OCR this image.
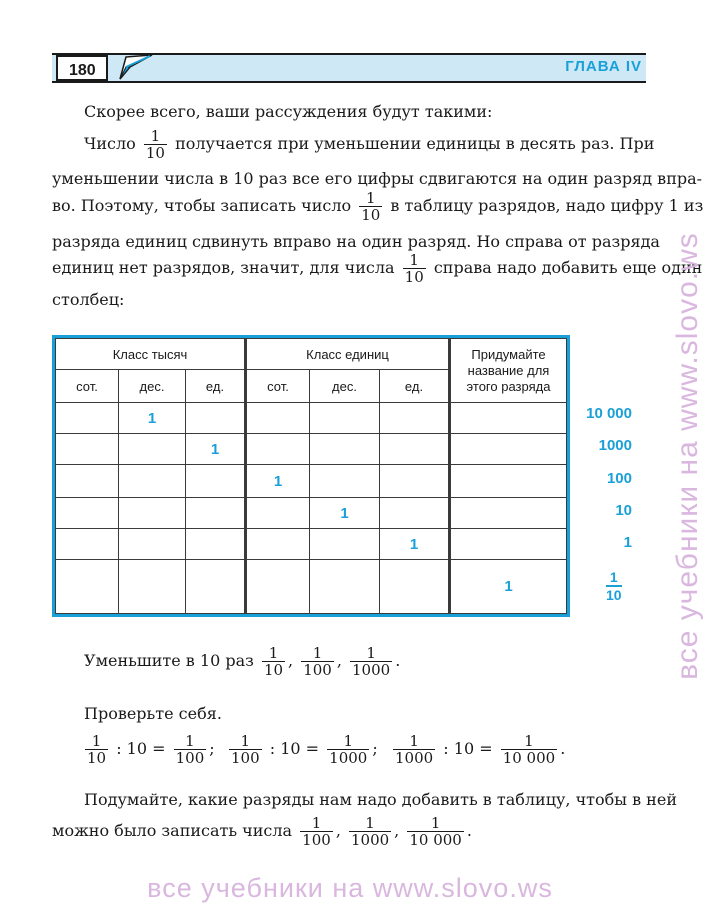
180	ГЛАВА IV
Скорее всего, ваши рассуждения будут такими:
Число $\frac{1}{10}$ получается при уменьшении единицы в десять раз. При
уменьшении числа в 10 раз все его цифры сдвигаются на один разряд впра-
во. Поэтому, чтобы записать число $\frac{1}{10}$ в таблицу разрядов, надо цифру 1 из
разряда единиц сдвинуть вправо на один разряд. Но справа от разряда
единиц нет разрядов, значит, для числа $\frac{1}{10}$ справа надо добавить еще один
столбец:
Класс тысяч			Класс единиц			Придумайте название для этого разряда
сот.	дес.	ед.	сот.	дес.	ед.	
	1					
		1				
			1			
				1		
					1	
						1
10 000
1000
100
10
1
$\frac{1}{10}$
Уменьшите в 10 раз $\frac{1}{10}$ , $\frac{1}{100}$ , $\frac{1}{1000}$ .
Проверьте себя.
$\frac{1}{10}$ : $10 = \frac{1}{100}$ ; $\frac{1}{100}$ : $10 = \frac{1}{1000}$ ; $\frac{1}{1000}$ : $10 = \frac{1}{10 000}$ .
Подумайте, какие разряды нам надо добавить в таблицу, чтобы в ней
можно было записать числа $\frac{1}{100}$ , $\frac{1}{1000}$ , $\frac{1}{10 000}$ .
все учебники на www.slovo.ws
все учебники на www.slovo.ws
